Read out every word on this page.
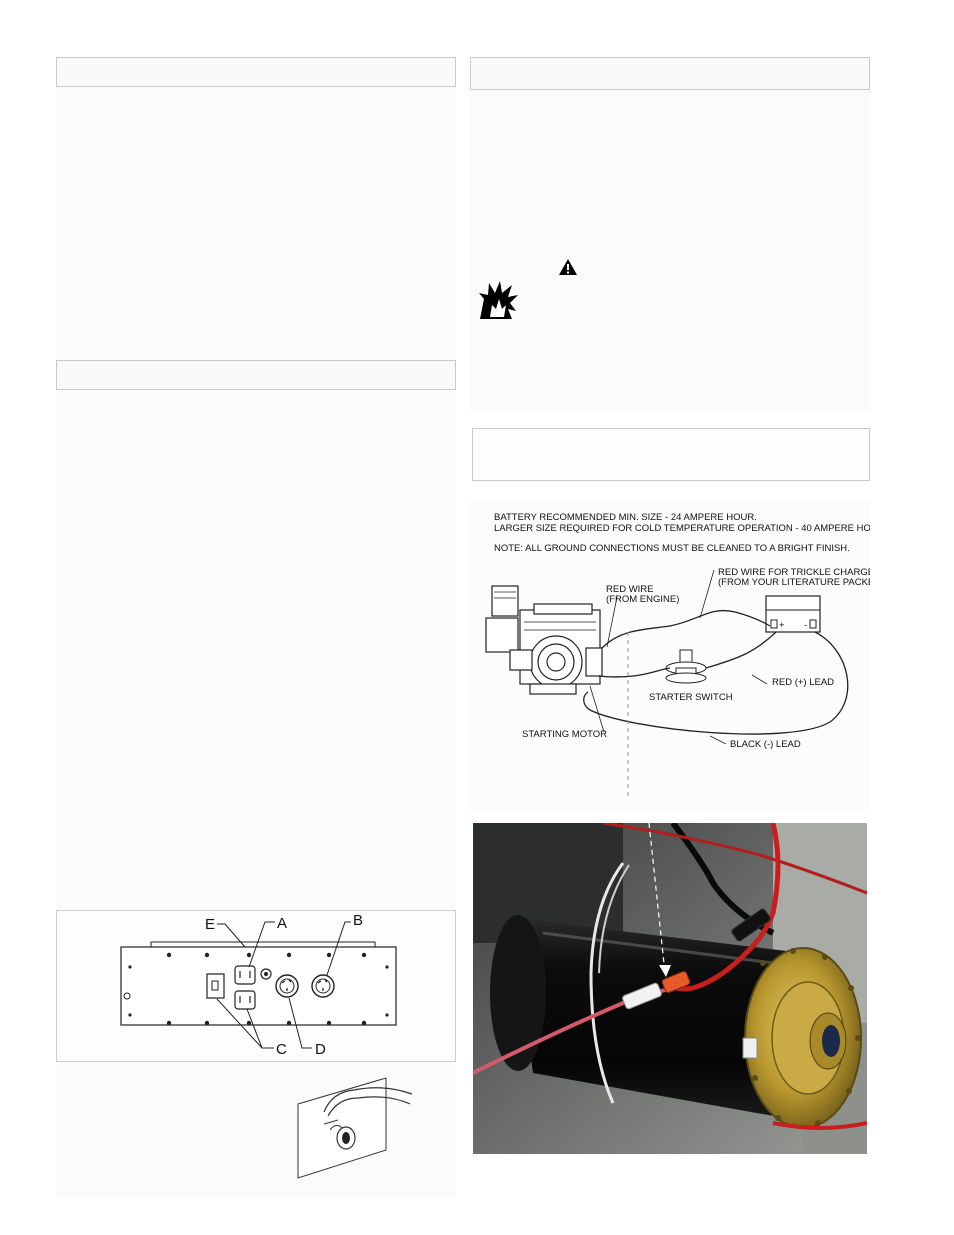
E	A	B
C D
BATTERY RECOMMENDED MIN. SIZE - 24 AMPERE HOUR.
LARGER SIZE REQUIRED FOR COLD TEMPERATURE OPERATION - 40 AMPERE HOUR.
NOTE: ALL GROUND CONNECTIONS MUST BE CLEANED TO A BRIGHT FINISH.
+ -
RED WIRE
(FROM ENGINE)
RED WIRE FOR TRICKLE CHARGE
(FROM YOUR LITERATURE PACKET)
RED (+) LEAD
STARTER SWITCH
STARTING MOTOR
BLACK (-) LEAD
